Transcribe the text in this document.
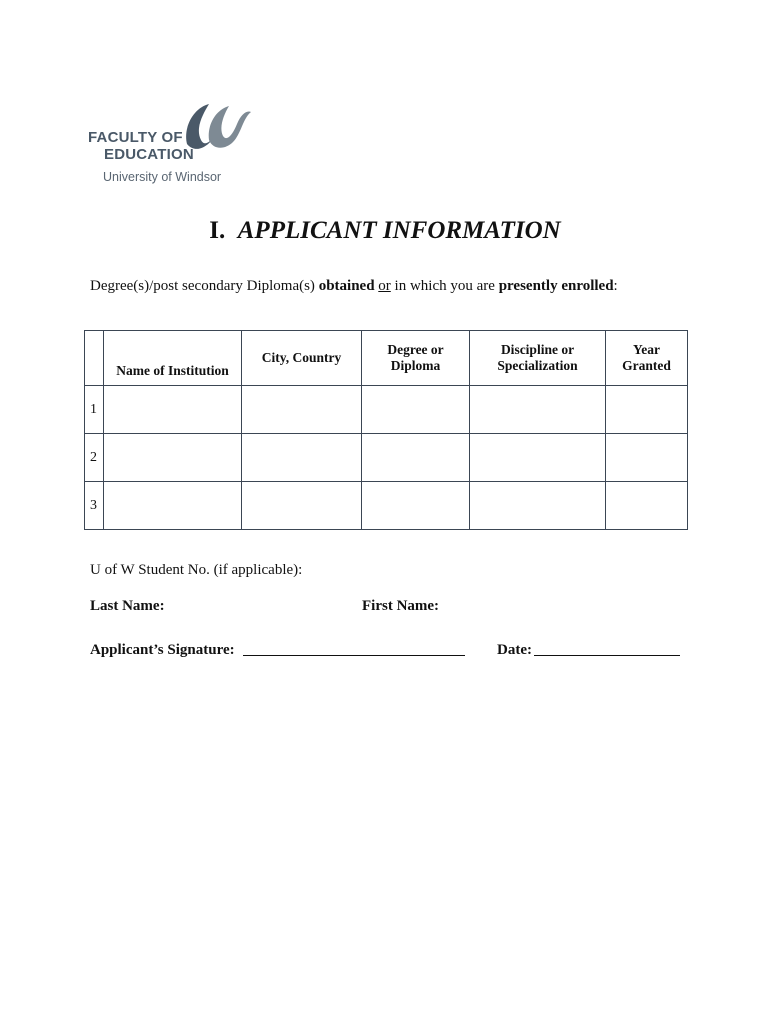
FACULTY OF
EDUCATION
University of Windsor
I. APPLICANT INFORMATION
Degree(s)/post secondary Diploma(s) obtained or in which you are presently enrolled:
	Name of Institution	City, Country	Degree or Diploma	Discipline or Specialization	Year Granted
1					
2					
3					
U of W Student No. (if applicable):
Last Name:	First Name:
Applicant’s Signature:	Date:
